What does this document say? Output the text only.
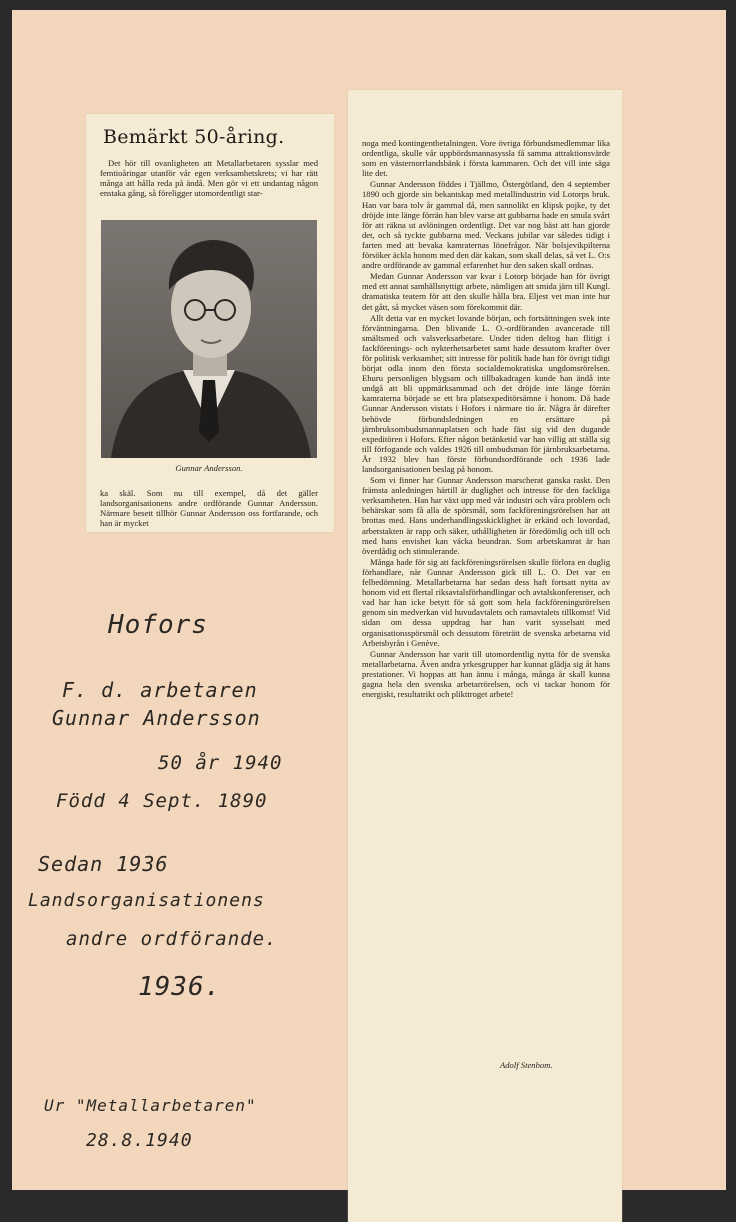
Bemärkt 50-åring.

Det hör till ovanligheten att Metallarbetaren sysslar med femtioåringar utanför vår egen verksamhetskrets; vi har rätt många att hålla reda på ändå. Men gör vi ett undantag någon enstaka gång, så föreligger utomordentligt star-

Gunnar Andersson.

ka skäl. Som nu till exempel, då det gäller landsorganisationens andre ordförande Gunnar Andersson. Närmare besett tillhör Gunnar Andersson oss fortfarande, och han är mycket

noga med kontingentbetalningen. Vore övriga förbundsmedlemmar lika ordentliga, skulle vår uppbördsmannasyssla få samma attraktionsvärde som en västernorrlandsbänk i första kammaren. Och det vill inte säga lite det.

Gunnar Andersson föddes i Tjällmo, Östergötland, den 4 september 1890 och gjorde sin bekantskap med metallindustrin vid Lotorps bruk. Han var bara tolv år gammal då, men sannolikt en klipsk pojke, ty det dröjde inte länge förrän han blev varse att gubbarna hade en smula svårt för att räkna ut avlöningen ordentligt. Det var nog bäst att han gjorde det, och så tyckte gubbarna med. Veckans jubilar var således tidigt i farten med att bevaka kamraternas lönefrågor. När bolsjevikpilterna försöker äckla honom med den där kakan, som skall delas, så vet L. O:s andre ordförande av gammal erfarenhet hur den saken skall ordnas.

Medan Gunnar Andersson var kvar i Lotorp började han för övrigt med ett annat samhällsnyttigt arbete, nämligen att smida järn till Kungl. dramatiska teatern för att den skulle hålla bra. Eljest vet man inte hur det gått, så mycket väsen som förekommit där.

Allt detta var en mycket lovande början, och fortsättningen svek inte förväntningarna. Den blivande L. O.-ordföranden avancerade till smältsmed och valsverksarbetare. Under tiden deltog han flitigt i fackförenings- och nykterhetsarbetet samt hade dessutom krafter över för politisk verksamhet; sitt intresse för politik hade han för övrigt tidigt börjat odla inom den första socialdemokratiska ungdomsrörelsen. Ehuru personligen blygsam och tillbakadragen kunde han ändå inte undgå att bli uppmärksammad och det dröjde inte länge förrän kamraterna började se ett bra platsexpeditörsämne i honom. Då hade Gunnar Andersson vistats i Hofors i närmare tio år. Några år därefter behövde förbundsledningen en ersättare på järnbruksombudsmannaplatsen och hade fäst sig vid den dugande expeditören i Hofors. Efter någon betänketid var han villig att ställa sig till förfogande och valdes 1926 till ombudsman för järnbruksarbetarna. År 1932 blev han förste förbundsordförande och 1936 lade landsorganisationen beslag på honom.

Som vi finner har Gunnar Andersson marscherat ganska raskt. Den främsta anledningen härtill är duglighet och intresse för den fackliga verksamheten. Han har växt upp med vår industri och våra problem och behärskar som få alla de spörsmål, som fackföreningsrörelsen har att brottas med. Hans underhandlingsskicklighet är erkänd och lovordad, arbetstakten är rapp och säker, uthålligheten är föredömlig och till och med hans envishet kan väcka beundran. Som arbetskamrat är han överdådig och stimulerande.

Många hade för sig att fackföreningsrörelsen skulle förlora en duglig förhandlare, när Gunnar Andersson gick till L. O. Det var en felbedömning. Metallarbetarna har sedan dess haft fortsatt nytta av honom vid ett flertal riksavtalsförhandlingar och avtalskonferenser, och vad har han icke betytt för så gott som hela fackföreningsrörelsen genom sin medverkan vid huvudavtalets och ramavtalets tillkomst! Vid sidan om dessa uppdrag har han varit sysselsatt med organisationsspörsmål och dessutom företrätt de svenska arbetarna vid Arbetsbyrån i Genève.

Gunnar Andersson har varit till utomordentlig nytta för de svenska metallarbetarna. Även andra yrkesgrupper har kunnat glädja sig åt hans prestationer. Vi hoppas att han ännu i många, många år skall kunna gagna hela den svenska arbetarrörelsen, och vi tackar honom för energiskt, resultatrikt och plikttroget arbete!

Adolf Stenbom.
Hofors
F. d. arbetaren
Gunnar Andersson
50 år 1940
Född 4 Sept. 1890
Sedan 1936
Landsorganisationens
andre ordförande.
1936.
Ur "Metallarbetaren"
28.8.1940
